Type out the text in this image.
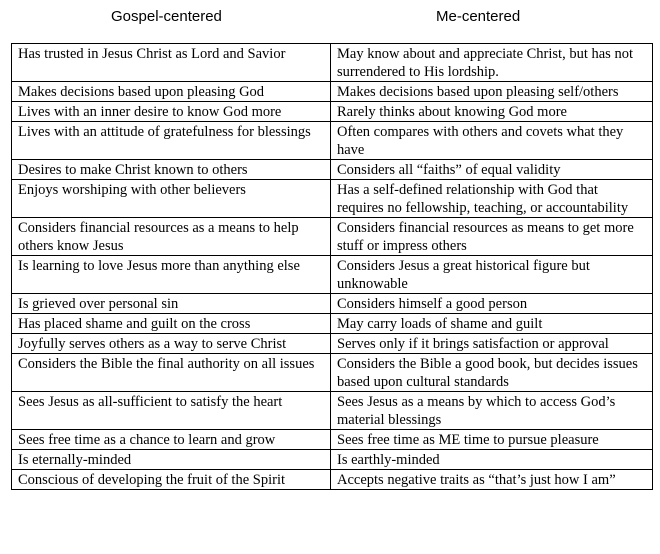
Gospel-centered	Me-centered
Has trusted in Jesus Christ as Lord and Savior	May know about and appreciate Christ, but has not surrendered to His lordship.
Makes decisions based upon pleasing God	Makes decisions based upon pleasing self/others
Lives with an inner desire to know God more	Rarely thinks about knowing God more
Lives with an attitude of gratefulness for blessings	Often compares with others and covets what they have
Desires to make Christ known to others	Considers all “faiths” of equal validity
Enjoys worshiping with other believers	Has a self-defined relationship with God that requires no fellowship, teaching, or accountability
Considers financial resources as a means to help others know Jesus	Considers financial resources as means to get more stuff or impress others
Is learning to love Jesus more than anything else	Considers Jesus a great historical figure but unknowable
Is grieved over personal sin	Considers himself a good person
Has placed shame and guilt on the cross	May carry loads of shame and guilt
Joyfully serves others as a way to serve Christ	Serves only if it brings satisfaction or approval
Considers the Bible the final authority on all issues	Considers the Bible a good book, but decides issues based upon cultural standards
Sees Jesus as all-sufficient to satisfy the heart	Sees Jesus as a means by which to access God’s material blessings
Sees free time as a chance to learn and grow	Sees free time as ME time to pursue pleasure
Is eternally-minded	Is earthly-minded
Conscious of developing the fruit of the Spirit	Accepts negative traits as “that’s just how I am”
